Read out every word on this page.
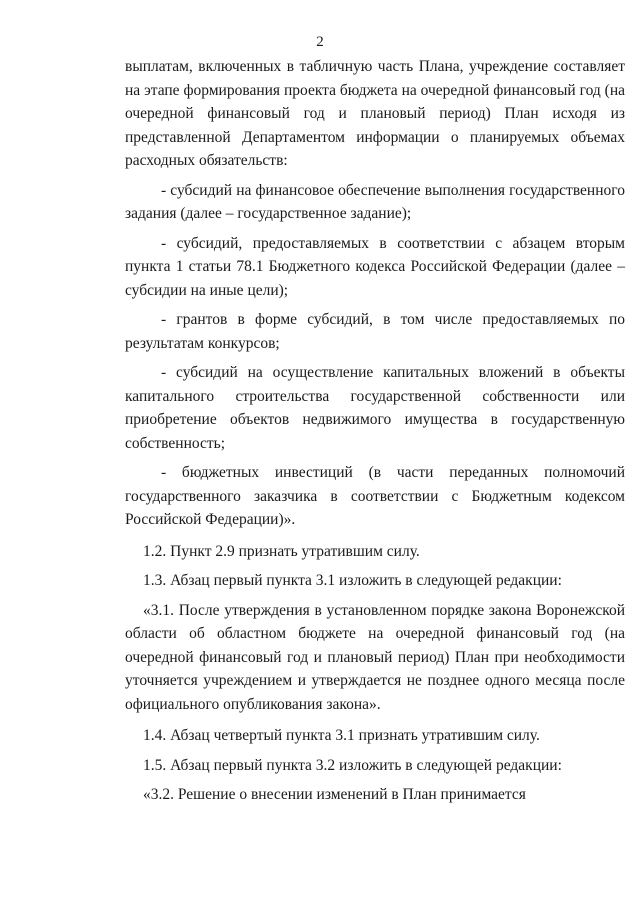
2

выплатам, включенных в табличную часть Плана, учреждение составляет на этапе формирования проекта бюджета на очередной финансовый год (на очередной финансовый год и плановый период) План исходя из представленной Департаментом информации о планируемых объемах расходных обязательств:

- субсидий на финансовое обеспечение выполнения государственного задания (далее – государственное задание);

- субсидий, предоставляемых в соответствии с абзацем вторым пункта 1 статьи 78.1 Бюджетного кодекса Российской Федерации (далее – субсидии на иные цели);

- грантов в форме субсидий, в том числе предоставляемых по результатам конкурсов;

- субсидий на осуществление капитальных вложений в объекты капитального строительства государственной собственности или приобретение объектов недвижимого имущества в государственную собственность;

- бюджетных инвестиций (в части переданных полномочий государственного заказчика в соответствии с Бюджетным кодексом Российской Федерации)».

1.2. Пункт 2.9 признать утратившим силу.

1.3. Абзац первый пункта 3.1 изложить в следующей редакции:

«3.1. После утверждения в установленном порядке закона Воронежской области об областном бюджете на очередной финансовый год (на очередной финансовый год и плановый период) План при необходимости уточняется учреждением и утверждается не позднее одного месяца после официального опубликования закона».

1.4. Абзац четвертый пункта 3.1 признать утратившим силу.

1.5. Абзац первый пункта 3.2 изложить в следующей редакции:

«3.2. Решение о внесении изменений в План принимается
